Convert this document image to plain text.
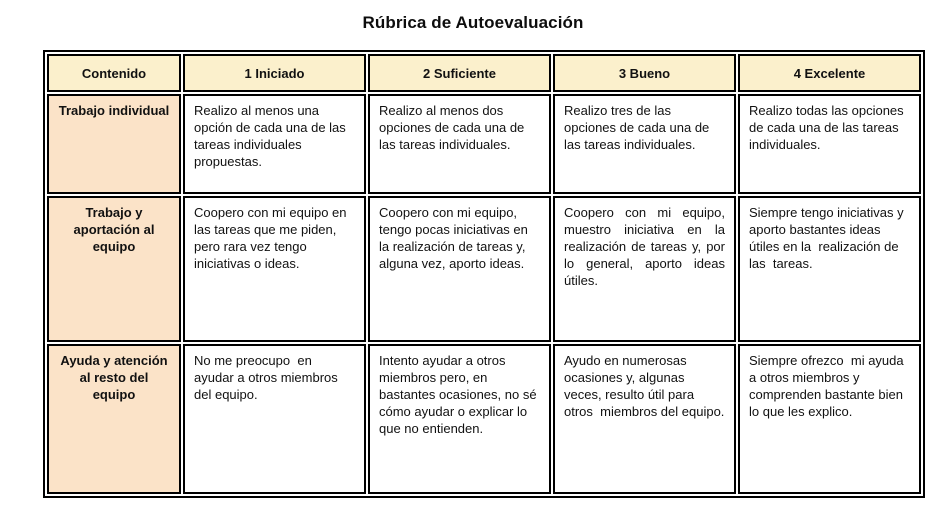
Rúbrica de Autoevaluación
Contenido	1 Iniciado	2 Suficiente	3 Bueno	4 Excelente
Trabajo individual	Realizo al menos una opción de cada una de las  tareas individuales propuestas.	Realizo al menos dos opciones de cada una de las tareas individuales.	Realizo tres de las opciones de cada una de las tareas individuales.	Realizo todas las opciones de cada una de las tareas individuales.
Trabajo y aportación al equipo	Coopero con mi equipo en las tareas que me piden, pero rara vez tengo iniciativas o ideas.	Coopero con mi equipo, tengo pocas iniciativas en la realización de tareas y, alguna vez, aporto ideas.	Coopero con mi equipo, muestro iniciativa en la realización de tareas y, por lo general, aporto ideas útiles.	Siempre tengo iniciativas y aporto bastantes ideas útiles en la  realización de las  tareas.
Ayuda y atención al resto del equipo	No me preocupo  en ayudar a otros miembros del equipo.	Intento ayudar a otros miembros pero, en bastantes ocasiones, no sé cómo ayudar o explicar lo que no entienden.	Ayudo en numerosas ocasiones y, algunas veces, resulto útil para otros  miembros del equipo.	Siempre ofrezco  mi ayuda a otros miembros y comprenden bastante bien lo que les explico.
